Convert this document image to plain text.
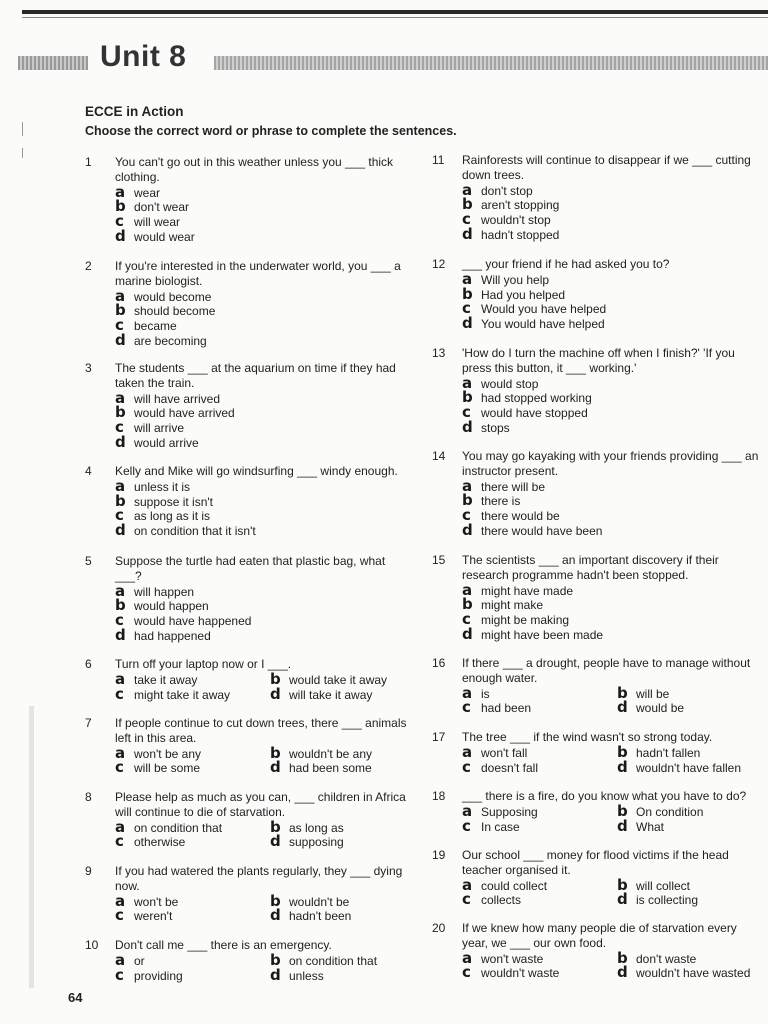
Unit 8
ECCE in Action
Choose the correct word or phrase to complete the sentences.
1	You can't go out in this weather unless you ___ thick clothing.
a wear
b don't wear
c will wear
d would wear
2	If you're interested in the underwater world, you ___ a marine biologist.
a would become
b should become
c became
d are becoming
3	The students ___ at the aquarium on time if they had taken the train.
a will have arrived
b would have arrived
c will arrive
d would arrive
4	Kelly and Mike will go windsurfing ___ windy enough.
a unless it is
b suppose it isn't
c as long as it is
d on condition that it isn't
5	Suppose the turtle had eaten that plastic bag, what ___?
a will happen
b would happen
c would have happened
d had happened
6	Turn off your laptop now or I ___.
a take it away	b would take it away
c might take it away	d will take it away
7	If people continue to cut down trees, there ___ animals left in this area.
a won't be any	b wouldn't be any
c will be some	d had been some
8	Please help as much as you can, ___ children in Africa will continue to die of starvation.
a on condition that	b as long as
c otherwise	d supposing
9	If you had watered the plants regularly, they ___ dying now.
a won't be	b wouldn't be
c weren't	d hadn't been
10	Don't call me ___ there is an emergency.
a or	b on condition that
c providing	d unless
11	Rainforests will continue to disappear if we ___ cutting down trees.
a don't stop
b aren't stopping
c wouldn't stop
d hadn't stopped
12	___ your friend if he had asked you to?
a Will you help
b Had you helped
c Would you have helped
d You would have helped
13	'How do I turn the machine off when I finish?' 'If you press this button, it ___ working.'
a would stop
b had stopped working
c would have stopped
d stops
14	You may go kayaking with your friends providing ___ an instructor present.
a there will be
b there is
c there would be
d there would have been
15	The scientists ___ an important discovery if their research programme hadn't been stopped.
a might have made
b might make
c might be making
d might have been made
16	If there ___ a drought, people have to manage without enough water.
a is	b will be
c had been	d would be
17	The tree ___ if the wind wasn't so strong today.
a won't fall	b hadn't fallen
c doesn't fall	d wouldn't have fallen
18	___ there is a fire, do you know what you have to do?
a Supposing	b On condition
c In case	d What
19	Our school ___ money for flood victims if the head teacher organised it.
a could collect	b will collect
c collects	d is collecting
20	If we knew how many people die of starvation every year, we ___ our own food.
a won't waste	b don't waste
c wouldn't waste	d wouldn't have wasted
64
